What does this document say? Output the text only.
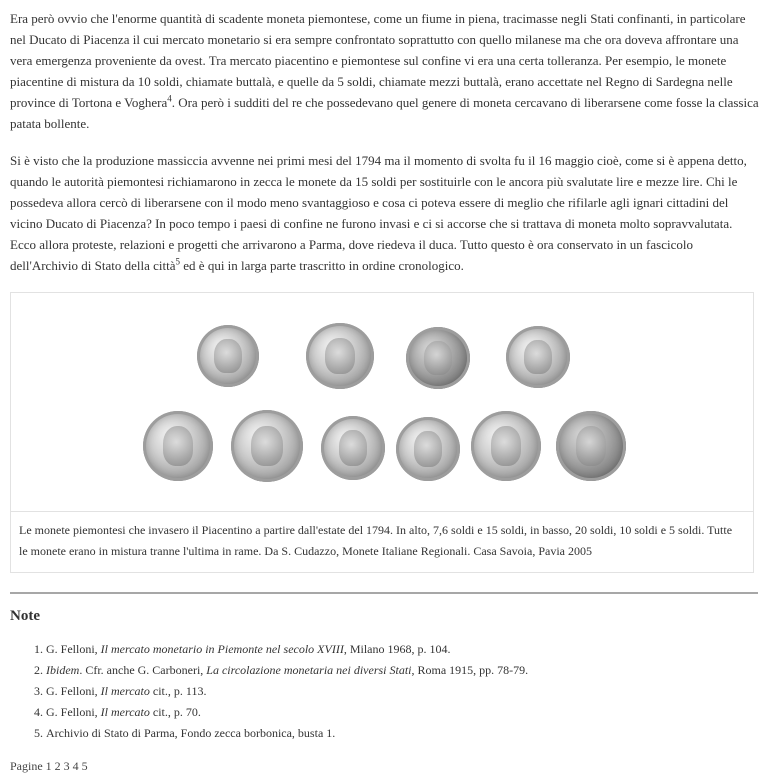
Era però ovvio che l'enorme quantità di scadente moneta piemontese, come un fiume in piena, tracimasse negli Stati confinanti, in particolare nel Ducato di Piacenza il cui mercato monetario si era sempre confrontato soprattutto con quello milanese ma che ora doveva affrontare una vera emergenza proveniente da ovest. Tra mercato piacentino e piemontese sul confine vi era una certa tolleranza. Per esempio, le monete piacentine di mistura da 10 soldi, chiamate buttalà, e quelle da 5 soldi, chiamate mezzi buttalà, erano accettate nel Regno di Sardegna nelle province di Tortona e Voghera$^4$. Ora però i sudditi del re che possedevano quel genere di moneta cercavano di liberarsene come fosse la classica patata bollente.

Si è visto che la produzione massiccia avvenne nei primi mesi del 1794 ma il momento di svolta fu il 16 maggio cioè, come si è appena detto, quando le autorità piemontesi richiamarono in zecca le monete da 15 soldi per sostituirle con le ancora più svalutate lire e mezze lire. Chi le possedeva allora cercò di liberarsene con il modo meno svantaggioso e cosa ci poteva essere di meglio che rifilarle agli ignari cittadini del vicino Ducato di Piacenza? In poco tempo i paesi di confine ne furono invasi e ci si accorse che si trattava di moneta molto sopravvalutata. Ecco allora proteste, relazioni e progetti che arrivarono a Parma, dove riedeva il duca. Tutto questo è ora conservato in un fascicolo dell'Archivio di Stato della città$^5$ ed è qui in larga parte trascritto in ordine cronologico.

Le monete piemontesi che invasero il Piacentino a partire dall'estate del 1794. In alto, 7,6 soldi e 15 soldi, in basso, 20 soldi, 10 soldi e 5 soldi. Tutte le monete erano in mistura tranne l'ultima in rame. Da S. Cudazzo, Monete Italiane Regionali. Casa Savoia, Pavia 2005
Note
1. G. Felloni, Il mercato monetario in Piemonte nel secolo XVIII, Milano 1968, p. 104.
2. Ibidem. Cfr. anche G. Carboneri, La circolazione monetaria nei diversi Stati, Roma 1915, pp. 78-79.
3. G. Felloni, Il mercato cit., p. 113.
4. G. Felloni, Il mercato cit., p. 70.
5. Archivio di Stato di Parma, Fondo zecca borbonica, busta 1.
Pagine 1 2 3 4 5
